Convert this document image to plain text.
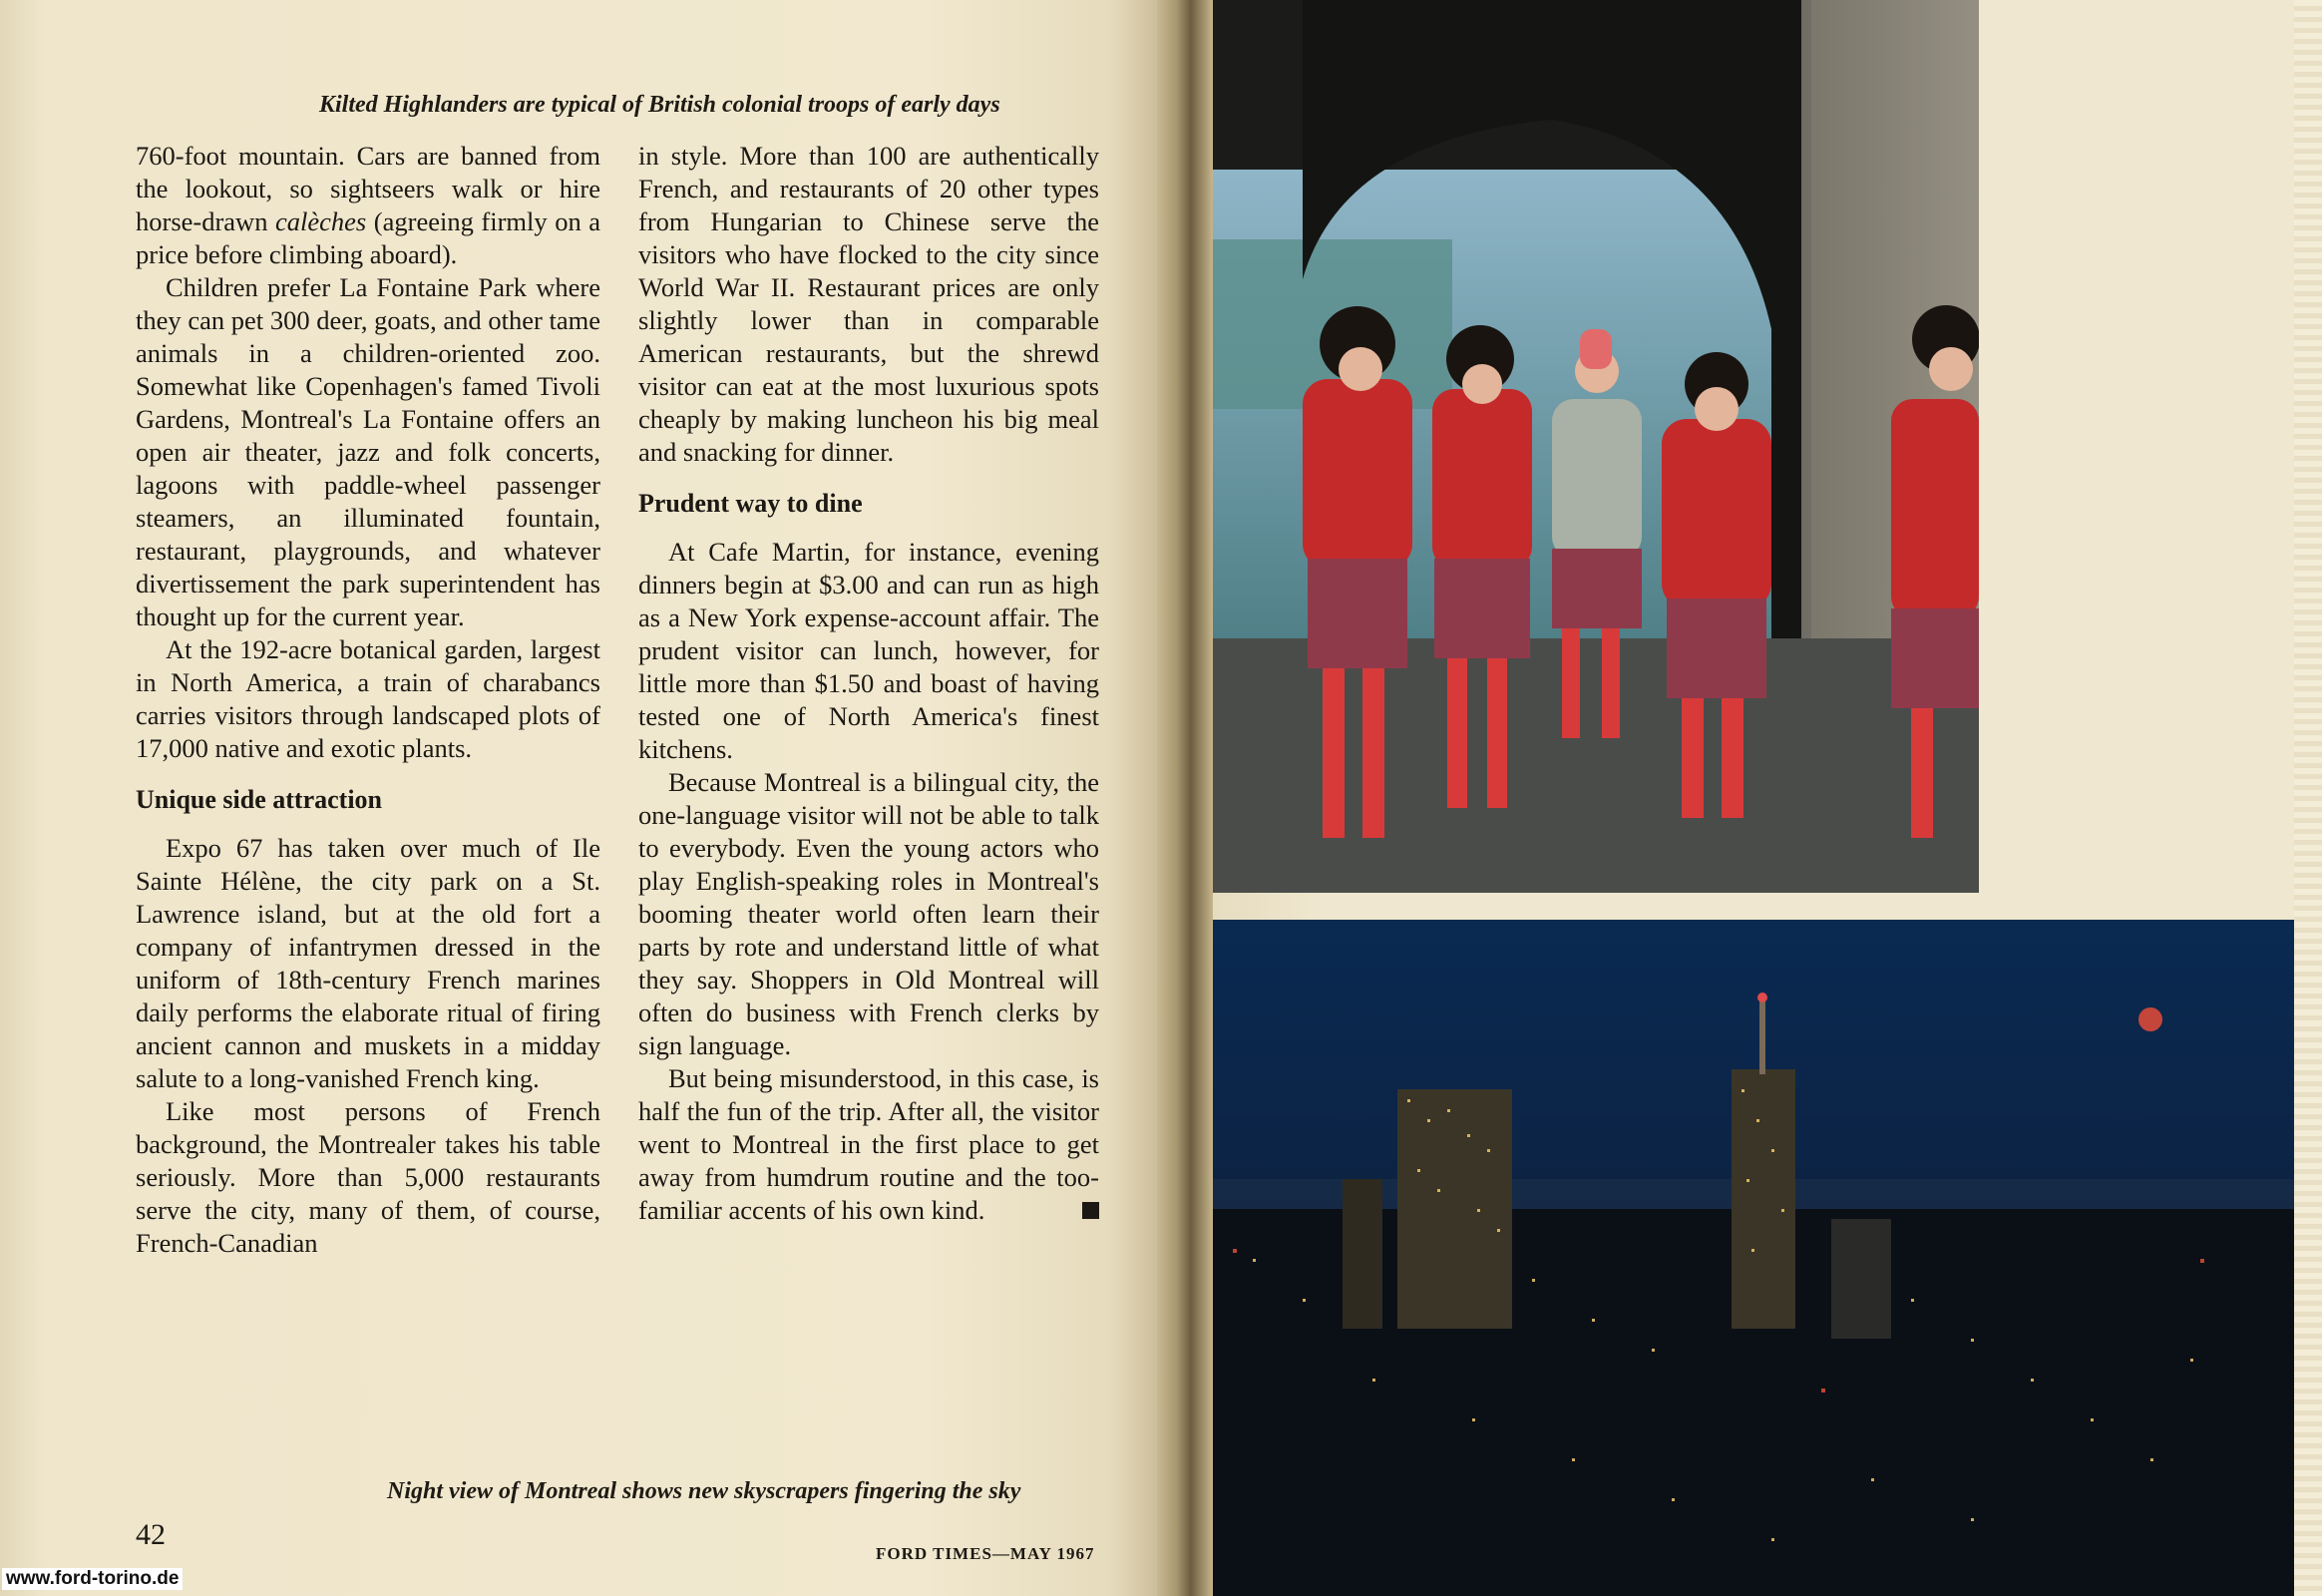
Kilted Highlanders are typical of British colonial troops of early days

760-foot mountain. Cars are banned from the lookout, so sightseers walk or hire horse-drawn calèches (agreeing firmly on a price before climbing aboard).

Children prefer La Fontaine Park where they can pet 300 deer, goats, and other tame animals in a children-oriented zoo. Somewhat like Copenhagen's famed Tivoli Gardens, Montreal's La Fontaine offers an open air theater, jazz and folk concerts, lagoons with paddle-wheel passenger steamers, an illuminated fountain, restaurant, playgrounds, and whatever divertissement the park superintendent has thought up for the current year.

At the 192-acre botanical garden, largest in North America, a train of charabancs carries visitors through landscaped plots of 17,000 native and exotic plants.

Unique side attraction

Expo 67 has taken over much of Ile Sainte Hélène, the city park on a St. Lawrence island, but at the old fort a company of infantrymen dressed in the uniform of 18th-century French marines daily performs the elaborate ritual of firing ancient cannon and muskets in a midday salute to a long-vanished French king.

Like most persons of French background, the Montrealer takes his table seriously. More than 5,000 restaurants serve the city, many of them, of course, French-Canadian

in style. More than 100 are authentically French, and restaurants of 20 other types from Hungarian to Chinese serve the visitors who have flocked to the city since World War II. Restaurant prices are only slightly lower than in comparable American restaurants, but the shrewd visitor can eat at the most luxurious spots cheaply by making luncheon his big meal and snacking for dinner.

Prudent way to dine

At Cafe Martin, for instance, evening dinners begin at $3.00 and can run as high as a New York expense-account affair. The prudent visitor can lunch, however, for little more than $1.50 and boast of having tested one of North America's finest kitchens.

Because Montreal is a bilingual city, the one-language visitor will not be able to talk to everybody. Even the young actors who play English-speaking roles in Montreal's booming theater world often learn their parts by rote and understand little of what they say. Shoppers in Old Montreal will often do business with French clerks by sign language.

But being misunderstood, in this case, is half the fun of the trip. After all, the visitor went to Montreal in the first place to get away from humdrum routine and the too-familiar accents of his own kind.

Night view of Montreal shows new skyscrapers fingering the sky
42
FORD TIMES—MAY 1967
www.ford-torino.de
